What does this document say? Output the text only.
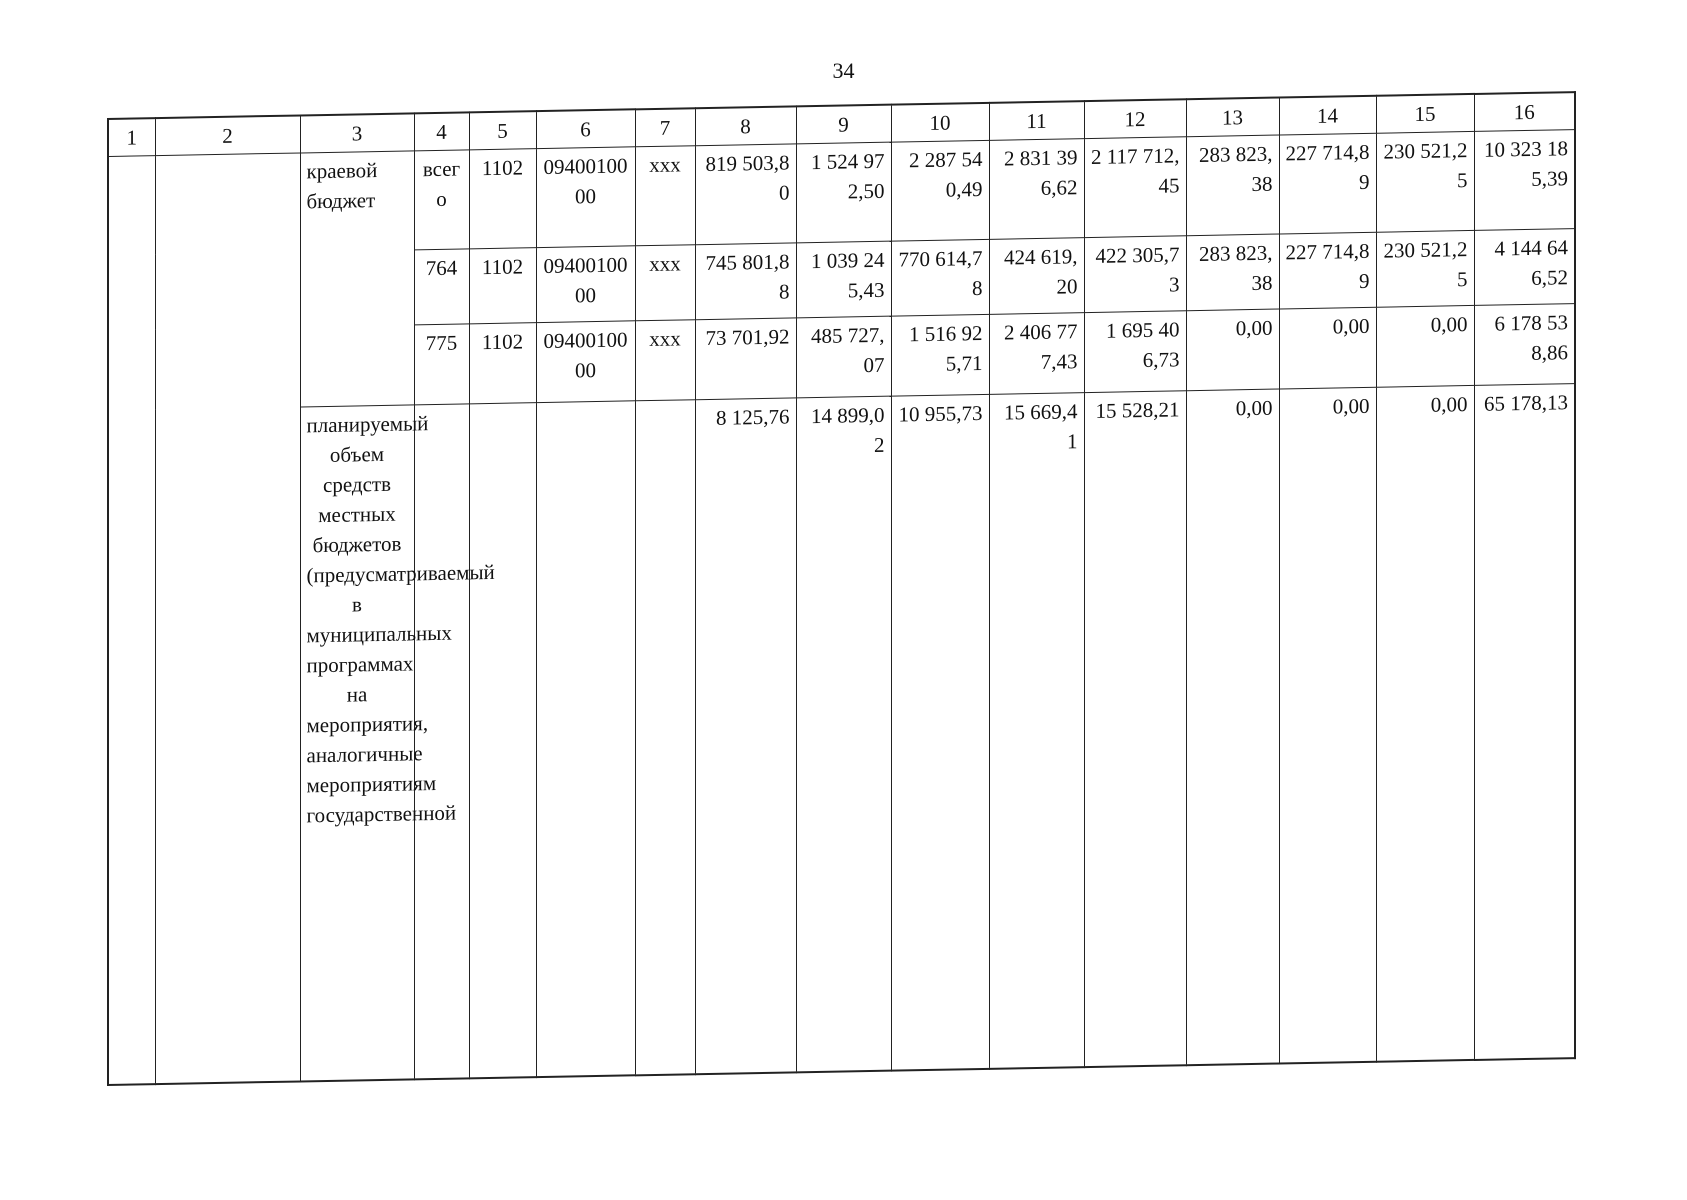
34
1	2	3	4	5	6	7	8	9	10	11	12	13	14	15	16
		краевой бюджет	всего	1102	0940010000	ххх	819 503,80	1 524 972,50	2 287 540,49	2 831 396,62	2 117 712,45	283 823,38	227 714,89	230 521,25	10 323 185,39
			764	1102	0940010000	ххх	745 801,88	1 039 245,43	770 614,78	424 619,20	422 305,73	283 823,38	227 714,89	230 521,25	4 144 646,52
			775	1102	0940010000	ххх	73 701,92	485 727,07	1 516 925,71	2 406 777,43	1 695 406,73	0,00	0,00	0,00	6 178 538,86
		планируемый объем средств местных бюджетов (предусматриваемый в муниципальных программах на мероприятия, аналогичные мероприятиям государственной					8 125,76	14 899,02	10 955,73	15 669,41	15 528,21	0,00	0,00	0,00	65 178,13
